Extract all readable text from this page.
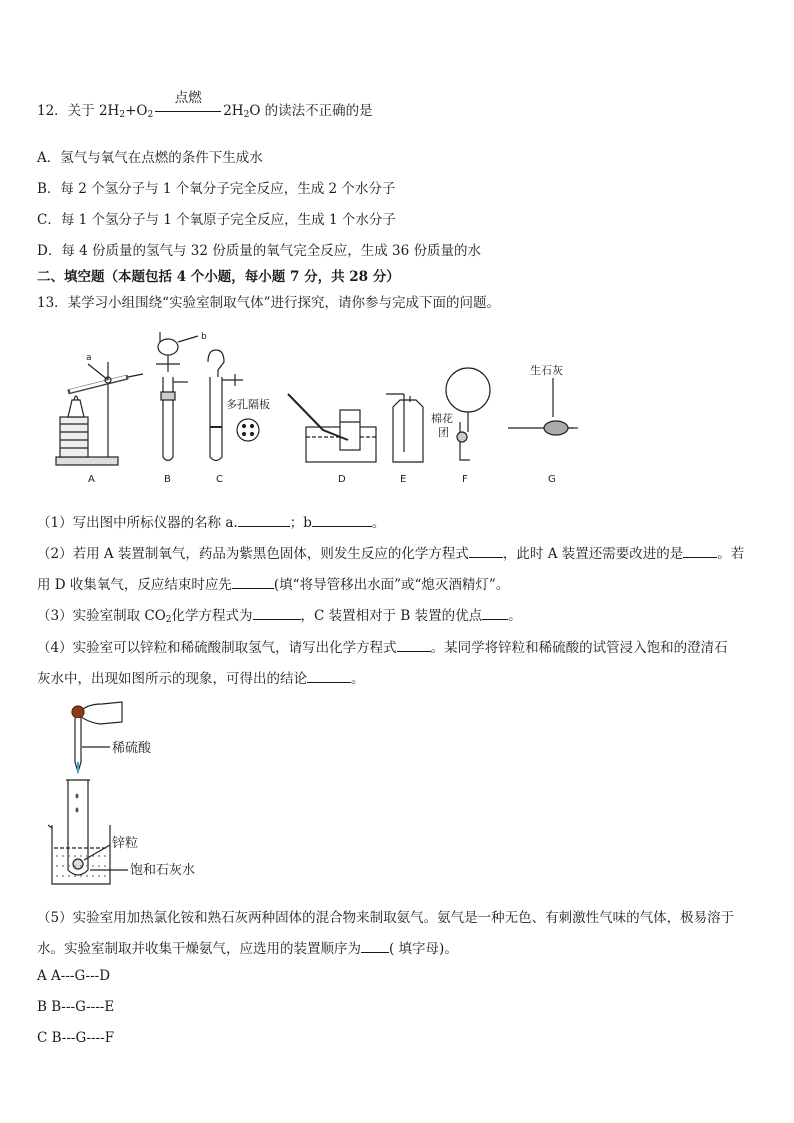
12．关于 $2H_2+O_2$
点燃
$2H_2O$ 的读法不正确的是
A．氢气与氧气在点燃的条件下生成水
B．每 2 个氢分子与 1 个氧分子完全反应，生成 2 个水分子
C．每 1 个氢分子与 1 个氧原子完全反应，生成 1 个水分子
D．每 4 份质量的氢气与 32 份质量的氧气完全反应，生成 36 份质量的水
二、填空题（本题包括 4 个小题，每小题 7 分，共 28 分）
13．某学习小组围绕“实验室制取气体”进行探究，请你参与完成下面的问题。
a
A
b
B
多孔隔板
C	D	E
棉花
团
F
生石灰
G
（1）写出图中所标仪器的名称 a.	；b	。
（2）若用 A 装置制氧气，药品为紫黑色固体，则发生反应的化学方程式	，此时 A 装置还需要改进的是	。若
用 D 收集氧气，反应结束时应先	(填“将导管移出水面”或“熄灭酒精灯”。
（3）实验室制取 $CO_2$化学方程式为	，C 装置相对于 B 装置的优点 。
（4）实验室可以锌粒和稀硫酸制取氢气，请写出化学方程式	。某同学将锌粒和稀硫酸的试管浸入饱和的澄清石
灰水中，出现如图所示的现象，可得出的结论	。
稀硫酸
锌粒
饱和石灰水
（5）实验室用加热氯化铵和熟石灰两种固体的混合物来制取氨气。氨气是一种无色、有刺激性气味的气体，极易溶于
水。实验室制取并收集干燥氨气，应选用的装置顺序为 ( 填字母)。
A A---G---D
B B---G----E
C B---G----F
